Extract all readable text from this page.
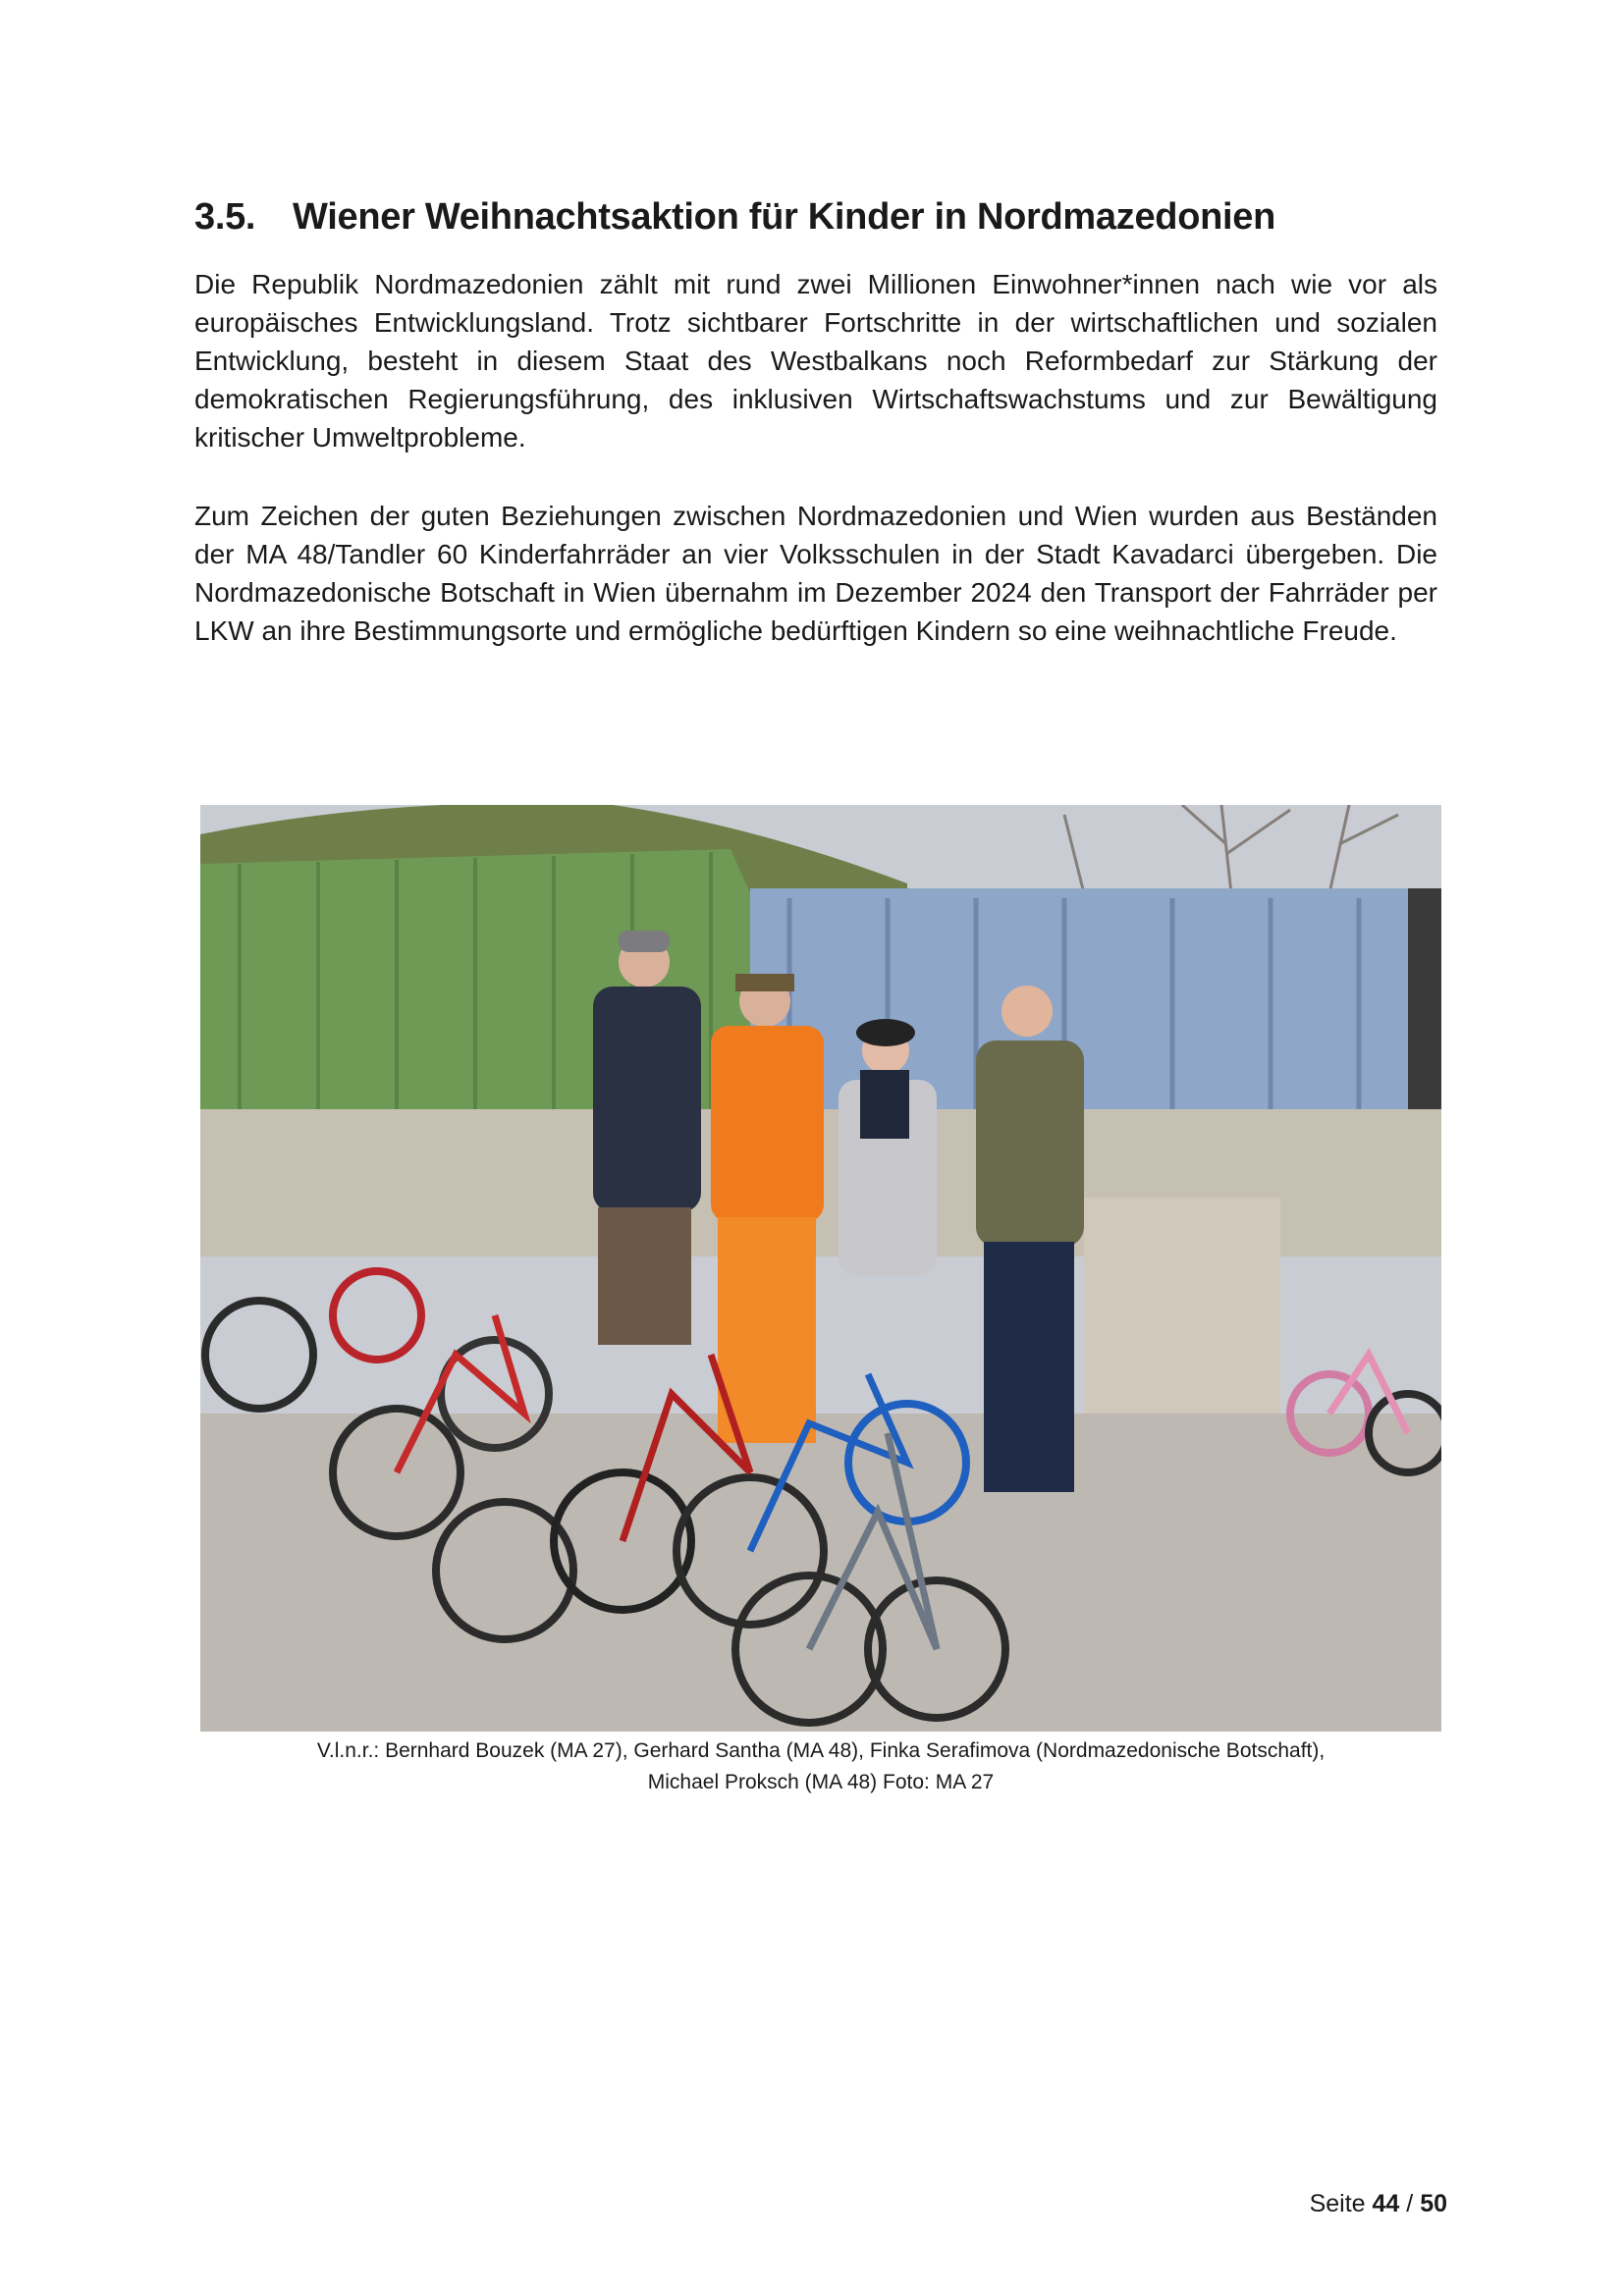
3.5. Wiener Weihnachtsaktion für Kinder in Nordmazedonien

Die Republik Nordmazedonien zählt mit rund zwei Millionen Einwohner*innen nach wie vor als europäisches Entwicklungsland. Trotz sichtbarer Fortschritte in der wirtschaftlichen und sozialen Entwicklung, besteht in diesem Staat des Westbalkans noch Reformbedarf zur Stärkung der demokratischen Regierungsführung, des inklusiven Wirtschaftswachstums und zur Bewältigung kritischer Umweltprobleme.

Zum Zeichen der guten Beziehungen zwischen Nordmazedonien und Wien wurden aus Beständen der MA 48/Tandler 60 Kinderfahrräder an vier Volksschulen in der Stadt Kavadarci übergeben. Die Nordmazedonische Botschaft in Wien übernahm im Dezember 2024 den Transport der Fahrräder per LKW an ihre Bestimmungsorte und ermögliche bedürftigen Kindern so eine weihnachtliche Freude.

V.l.n.r.: Bernhard Bouzek (MA 27), Gerhard Santha (MA 48), Finka Serafimova (Nordmazedonische Botschaft),
Michael Proksch (MA 48) Foto: MA 27
Seite 44 / 50
